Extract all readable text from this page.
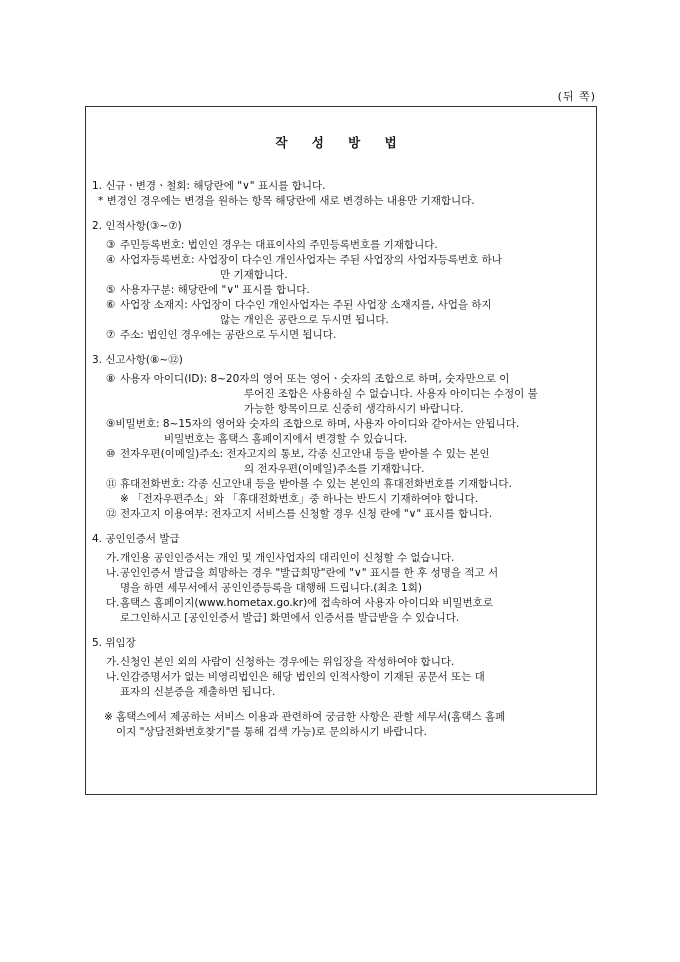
(뒤 쪽)
작 성 방 법
1. 신규ㆍ변경ㆍ철회: 해당란에 "∨" 표시를 합니다.
* 변경인 경우에는 변경을 원하는 항목 해당란에 새로 변경하는 내용만 기재합니다.
2. 인적사항(③~⑦)
③ 주민등록번호: 법인인 경우는 대표이사의 주민등록번호를 기재합니다.
④ 사업자등록번호: 사업장이 다수인 개인사업자는 주된 사업장의 사업자등록번호 하나
만 기재합니다.
⑤ 사용자구분: 해당란에 "∨" 표시를 합니다.
⑥ 사업장 소재지: 사업장이 다수인 개인사업자는 주된 사업장 소재지를, 사업을 하지
않는 개인은 공란으로 두시면 됩니다.
⑦ 주소: 법인인 경우에는 공란으로 두시면 됩니다.
3. 신고사항(⑧~⑫)
⑧ 사용자 아이디(ID): 8~20자의 영어 또는 영어ㆍ숫자의 조합으로 하며, 숫자만으로 이
루어진 조합은 사용하실 수 없습니다. 사용자 아이디는 수정이 불
가능한 항목이므로 신중히 생각하시기 바랍니다.
⑨비밀번호: 8~15자의 영어와 숫자의 조합으로 하며, 사용자 아이디와 같아서는 안됩니다.
비밀번호는 홈택스 홈페이지에서 변경할 수 있습니다.
⑩ 전자우편(이메일)주소: 전자고지의 통보, 각종 신고안내 등을 받아볼 수 있는 본인
의 전자우편(이메일)주소를 기재합니다.
⑪ 휴대전화번호: 각종 신고안내 등을 받아볼 수 있는 본인의 휴대전화번호를 기재합니다.
※ 「전자우편주소」와 「휴대전화번호」중 하나는 반드시 기재하여야 합니다.
⑫ 전자고지 이용여부: 전자고지 서비스를 신청할 경우 신청 란에 "∨" 표시를 합니다.
4. 공인인증서 발급
가. 개인용 공인인증서는 개인 및 개인사업자의 대리인이 신청할 수 없습니다.
나. 공인인증서 발급을 희망하는 경우 "발급희망"란에 "∨" 표시를 한 후 성명을 적고 서
명을 하면 세무서에서 공인인증등록을 대행해 드립니다.(최초 1회)
다. 홈택스 홈페이지(www.hometax.go.kr)에 접속하여 사용자 아이디와 비밀번호로
로그인하시고 [공인인증서 발급] 화면에서 인증서를 발급받을 수 있습니다.
5. 위임장
가. 신청인 본인 외의 사람이 신청하는 경우에는 위임장을 작성하여야 합니다.
나. 인감증명서가 없는 비영리법인은 해당 법인의 인적사항이 기재된 공문서 또는 대
표자의 신분증을 제출하면 됩니다.
※ 홈택스에서 제공하는 서비스 이용과 관련하여 궁금한 사항은 관할 세무서(홈택스 홈페
이지 "상담전화번호찾기"를 통해 검색 가능)로 문의하시기 바랍니다.
